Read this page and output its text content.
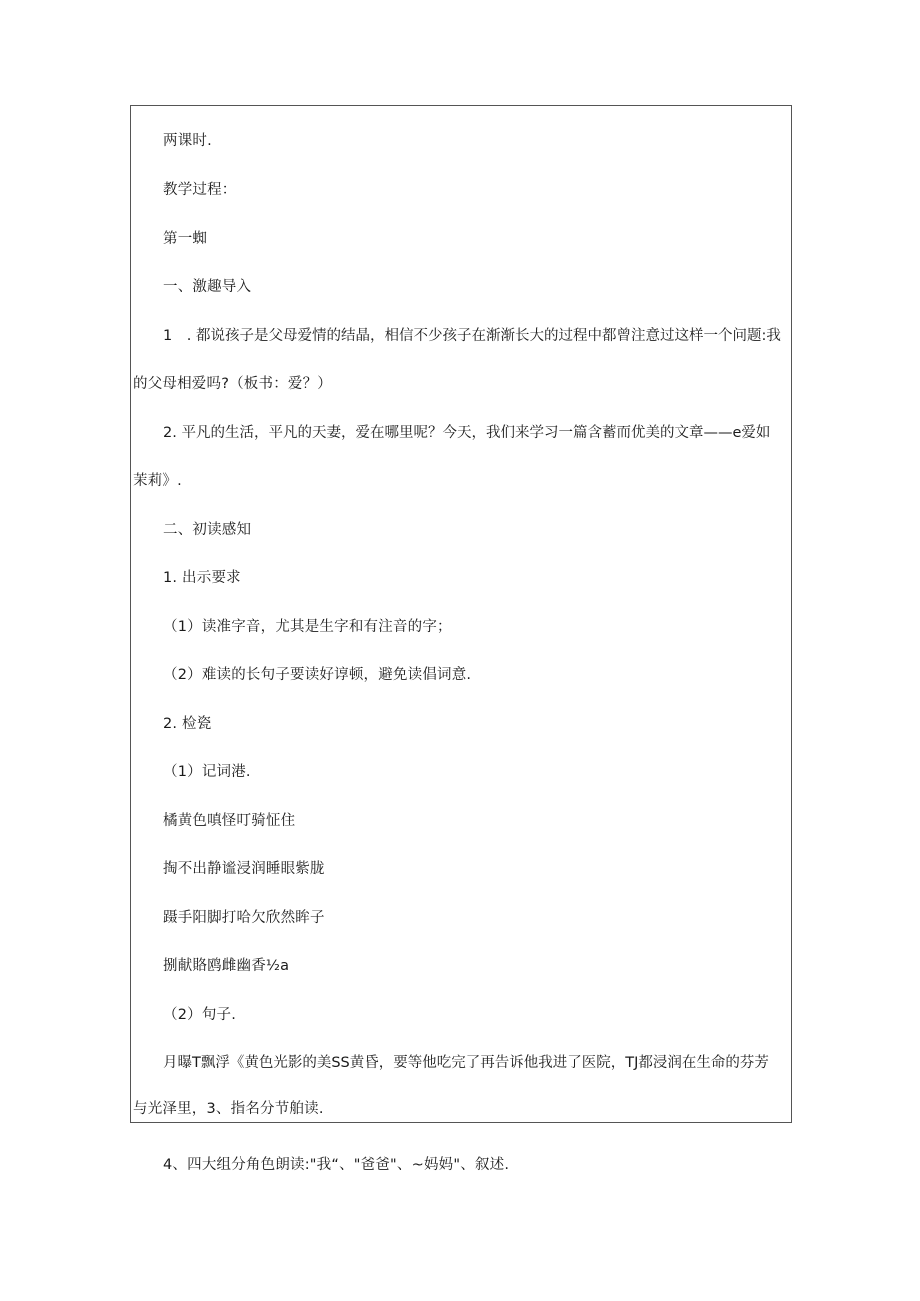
两课时.
教学过程：
第一蜘
一、激趣导入
1　. 都说孩子是父母爱情的结晶，相信不少孩子在渐渐长大的过程中都曾注意过这样一个问题:我
的父母相爱吗?（板书：爱？）
2. 平凡的生活，平凡的天妻，爱在哪里呢？今天，我们来学习一篇含蓄而优美的文章——e爱如
茉莉》.
二、初读感知
1. 出示要求
（1）读准字音，尤其是生字和有注音的字；
（2）难读的长句子要读好谆顿，避免读倡词意.
2. 检瓷
（1）记词港.
橘黄色嗔怪叮骑怔住
掏不出静谧浸润睡眼紫胧
蹑手阳脚打哈欠欣然眸子
捌献賂鸥雌幽香½a
（2）句子.
月曝T飘浮《黄色光影的美SS黄昏，要等他吃完了再告诉他我进了医院，TJ都浸润在生命的芬芳
与光泽里，3、指名分节舶读.
4、四大组分角色朗读:"我“、"爸爸"、~妈妈"、叙述.
